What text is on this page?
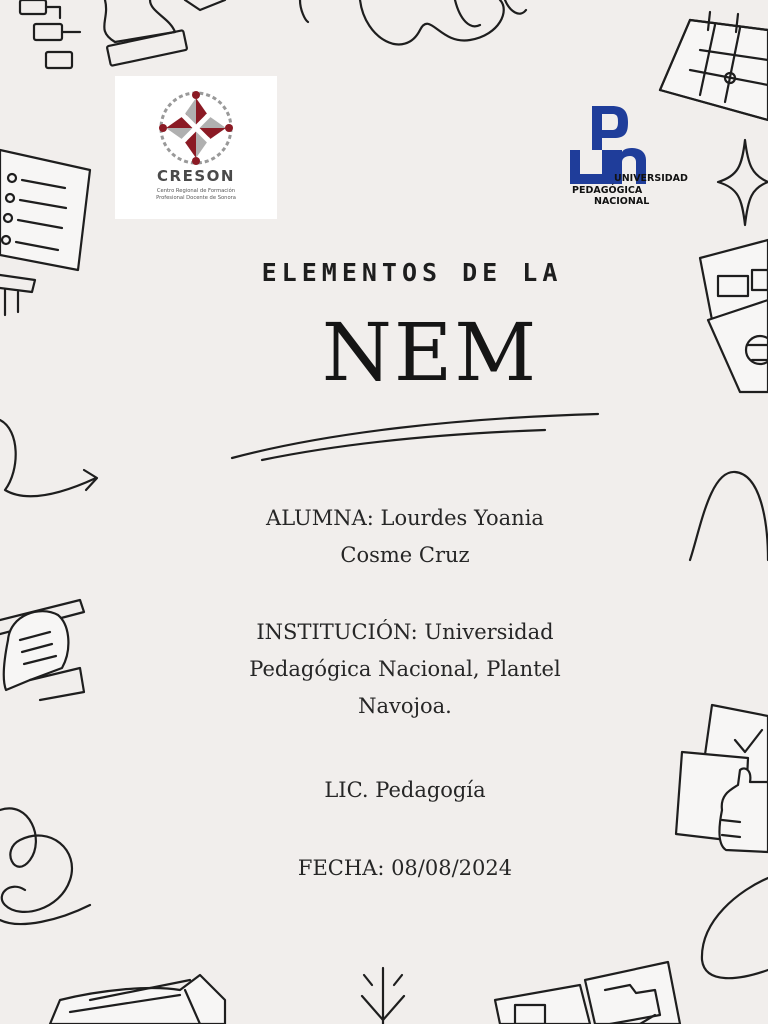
CRESON
Centro Regional de Formación
Profesional Docente de Sonora
UNIVERSIDAD
PEDAGÓGICA
NACIONAL
ELEMENTOS DE LA
NEM
ALUMNA: Lourdes Yoania
Cosme Cruz
INSTITUCIÓN: Universidad
Pedagógica Nacional, Plantel
Navojoa.
LIC. Pedagogía
FECHA: 08/08/2024
